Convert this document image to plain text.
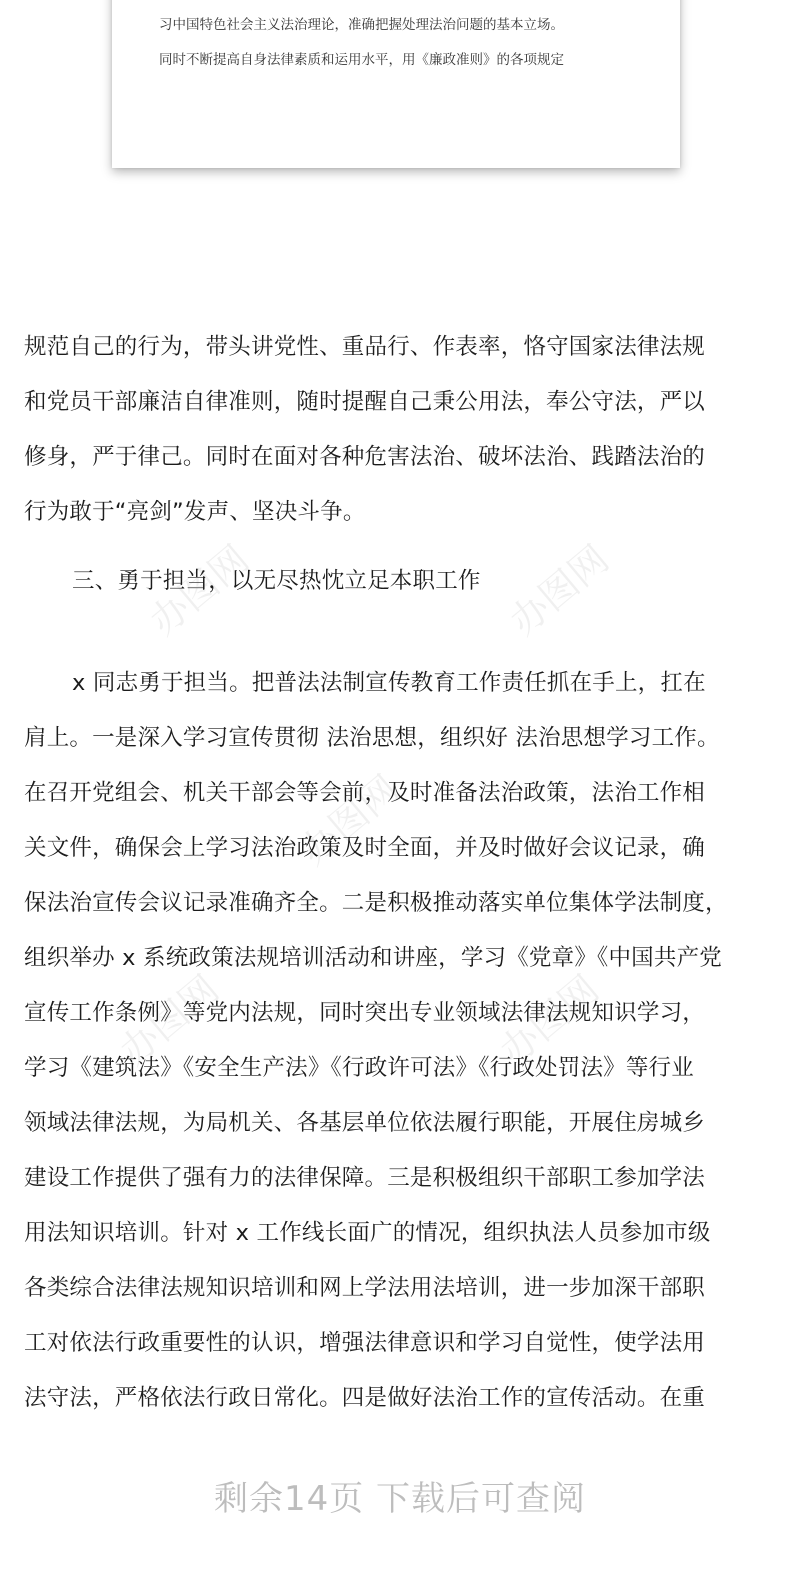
习中国特色社会主义法治理论，准确把握处理法治问题的基本立场。
同时不断提高自身法律素质和运用水平，用《廉政准则》的各项规定
办图网	办图网
办图网
办图网	办图网
规范自己的行为，带头讲党性、重品行、作表率，恪守国家法律法规
和党员干部廉洁自律准则，随时提醒自己秉公用法，奉公守法，严以
修身，严于律己。同时在面对各种危害法治、破坏法治、践踏法治的
行为敢于“亮剑”发声、坚决斗争。
三、勇于担当，以无尽热忱立足本职工作
x 同志勇于担当。把普法法制宣传教育工作责任抓在手上，扛在
肩上。一是深入学习宣传贯彻 法治思想，组织好 法治思想学习工作。
在召开党组会、机关干部会等会前，及时准备法治政策，法治工作相
关文件，确保会上学习法治政策及时全面，并及时做好会议记录，确
保法治宣传会议记录准确齐全。二是积极推动落实单位集体学法制度，
组织举办 x 系统政策法规培训活动和讲座，学习《党章》《中国共产党
宣传工作条例》等党内法规，同时突出专业领域法律法规知识学习，
学习《建筑法》《安全生产法》《行政许可法》《行政处罚法》等行业
领域法律法规，为局机关、各基层单位依法履行职能，开展住房城乡
建设工作提供了强有力的法律保障。三是积极组织干部职工参加学法
用法知识培训。针对 x 工作线长面广的情况，组织执法人员参加市级
各类综合法律法规知识培训和网上学法用法培训，进一步加深干部职
工对依法行政重要性的认识，增强法律意识和学习自觉性，使学法用
法守法，严格依法行政日常化。四是做好法治工作的宣传活动。在重
剩余14页 下载后可查阅
